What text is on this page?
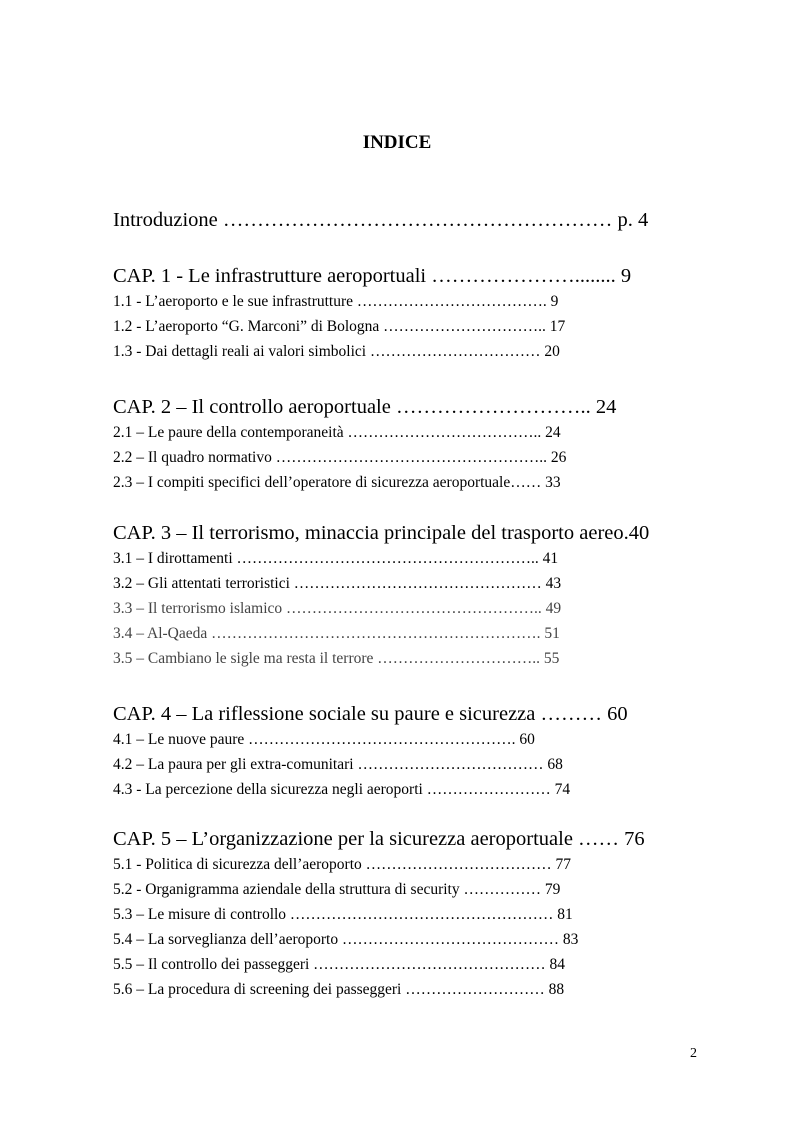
INDICE
Introduzione ………………………………………………… p. 4
CAP. 1 - Le infrastrutture aeroportuali …………………........ 9
1.1 - L’aeroporto e le sue infrastrutture ………………………………. 9
1.2 - L’aeroporto “G. Marconi” di Bologna ………………………….. 17
1.3 - Dai dettagli reali ai valori simbolici …………………………… 20
CAP. 2 – Il controllo aeroportuale ……………………….. 24
2.1 – Le paure della contemporaneità ……………………………….. 24
2.2 – Il quadro normativo …………………………………………….. 26
2.3 – I compiti specifici dell’operatore di sicurezza aeroportuale…… 33
CAP. 3 – Il terrorismo, minaccia principale del trasporto aereo.40
3.1 – I dirottamenti ………………………………………………….. 41
3.2 – Gli attentati terroristici ………………………………………… 43
3.3 – Il terrorismo islamico ………………………………………….. 49
3.4 – Al-Qaeda ………………………………………………………. 51
3.5 – Cambiano le sigle ma resta il terrore ………………………….. 55
CAP. 4 – La riflessione sociale su paure e sicurezza ……… 60
4.1 – Le nuove paure ……………………………………………. 60
4.2 – La paura per gli extra-comunitari ……………………………… 68
4.3 - La percezione della sicurezza negli aeroporti …………………… 74
CAP. 5 – L’organizzazione per la sicurezza aeroportuale …… 76
5.1 - Politica di sicurezza dell’aeroporto ……………………………… 77
5.2 - Organigramma aziendale della struttura di security …………… 79
5.3 – Le misure di controllo …………………………………………… 81
5.4 – La sorveglianza dell’aeroporto …………………………………… 83
5.5 – Il controllo dei passeggeri ……………………………………… 84
5.6 – La procedura di screening dei passeggeri ……………………… 88
2
